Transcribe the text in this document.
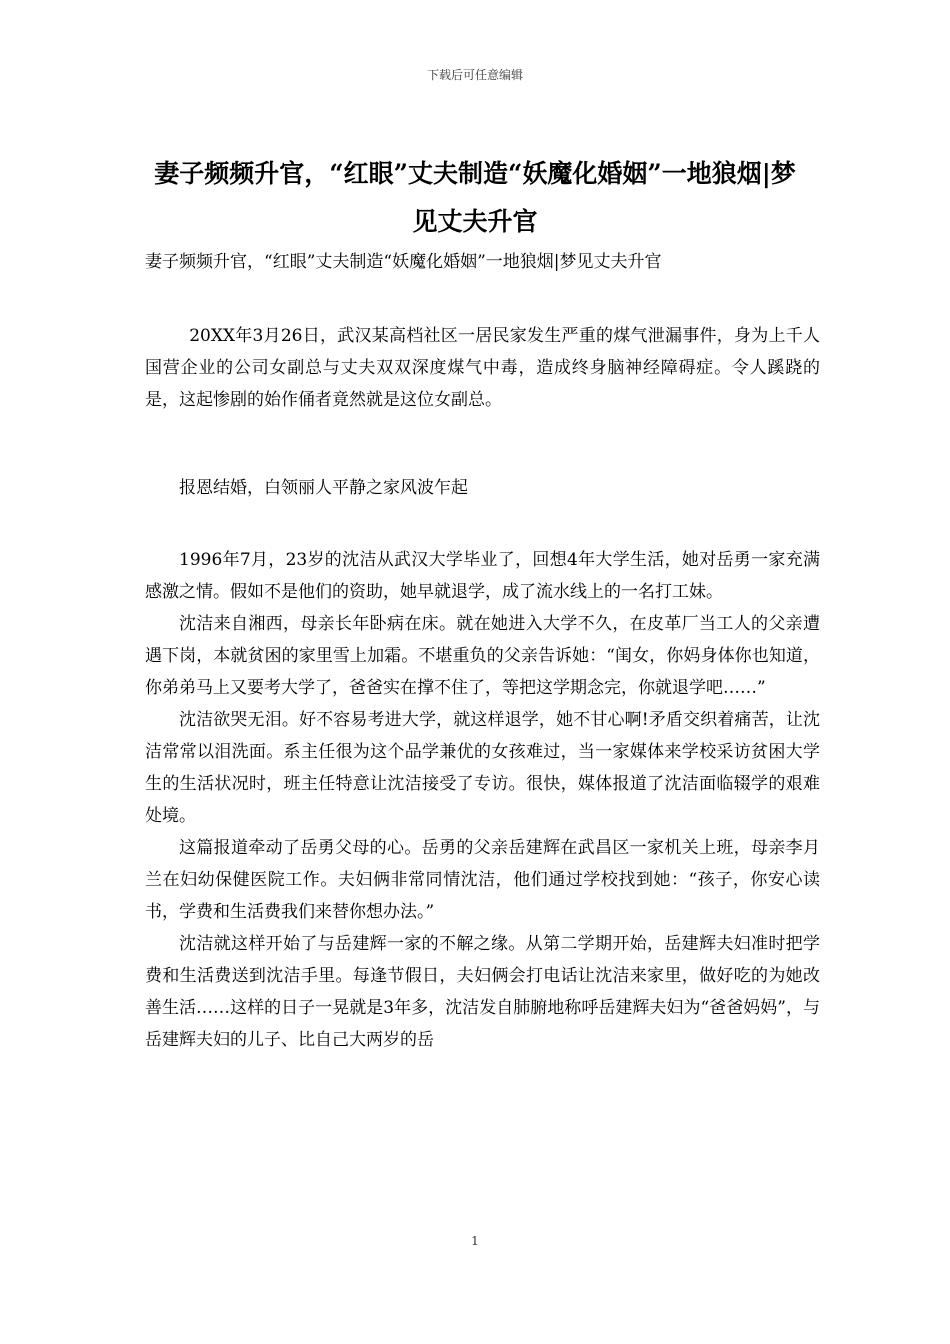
下载后可任意编辑
妻子频频升官，“红眼”丈夫制造“妖魔化婚姻”一地狼烟|梦见丈夫升官
妻子频频升官，“红眼”丈夫制造“妖魔化婚姻”一地狼烟|梦见丈夫升官

20XX年3月26日，武汉某高档社区一居民家发生严重的煤气泄漏事件，身为上千人国营企业的公司女副总与丈夫双双深度煤气中毒，造成终身脑神经障碍症。令人蹊跷的是，这起惨剧的始作俑者竟然就是这位女副总。

报恩结婚，白领丽人平静之家风波乍起

1996年7月，23岁的沈洁从武汉大学毕业了，回想4年大学生活，她对岳勇一家充满感激之情。假如不是他们的资助，她早就退学，成了流水线上的一名打工妹。

沈洁来自湘西，母亲长年卧病在床。就在她进入大学不久，在皮革厂当工人的父亲遭遇下岗，本就贫困的家里雪上加霜。不堪重负的父亲告诉她：“闺女，你妈身体你也知道，你弟弟马上又要考大学了，爸爸实在撑不住了，等把这学期念完，你就退学吧……”

沈洁欲哭无泪。好不容易考进大学，就这样退学，她不甘心啊!矛盾交织着痛苦，让沈洁常常以泪洗面。系主任很为这个品学兼优的女孩难过，当一家媒体来学校采访贫困大学生的生活状况时，班主任特意让沈洁接受了专访。很快，媒体报道了沈洁面临辍学的艰难处境。

这篇报道牵动了岳勇父母的心。岳勇的父亲岳建辉在武昌区一家机关上班，母亲李月兰在妇幼保健医院工作。夫妇俩非常同情沈洁，他们通过学校找到她：“孩子，你安心读书，学费和生活费我们来替你想办法。”

沈洁就这样开始了与岳建辉一家的不解之缘。从第二学期开始，岳建辉夫妇准时把学费和生活费送到沈洁手里。每逢节假日，夫妇俩会打电话让沈洁来家里，做好吃的为她改善生活……这样的日子一晃就是3年多，沈洁发自肺腑地称呼岳建辉夫妇为“爸爸妈妈”，与岳建辉夫妇的儿子、比自己大两岁的岳

1
